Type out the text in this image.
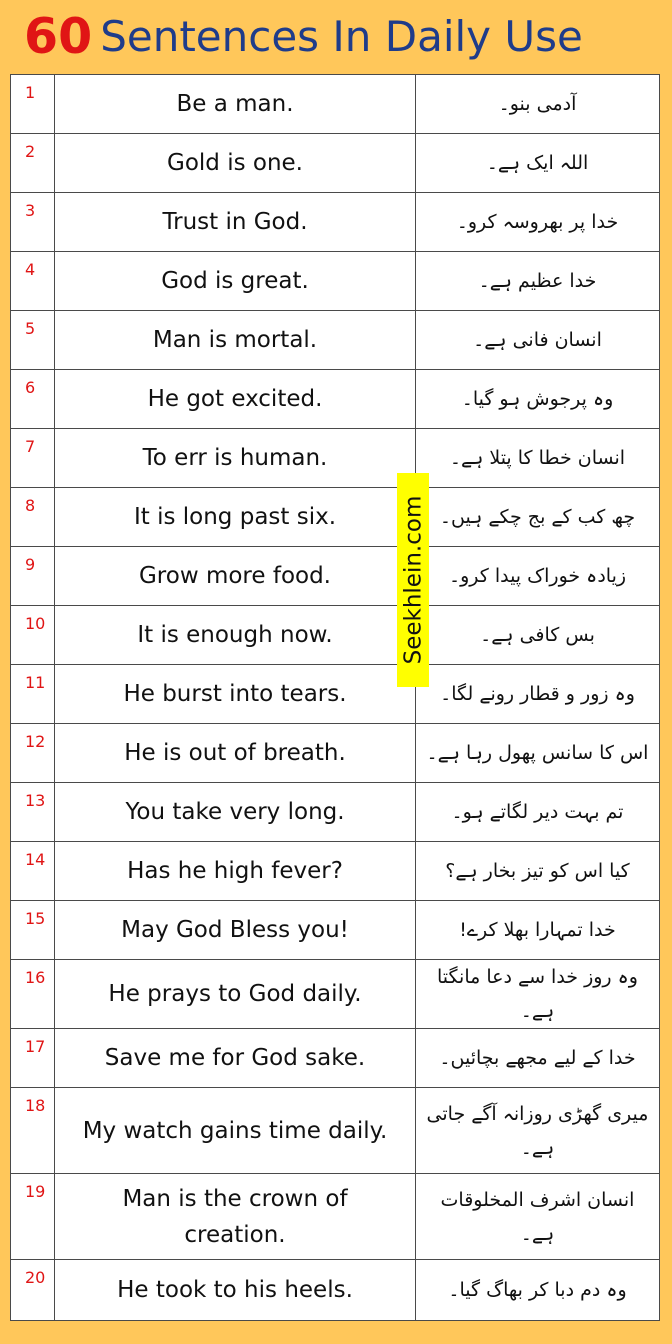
60 Sentences In Daily Use
1	Be a man.	آدمی بنو۔
2	Gold is one.	اللہ ایک ہے۔
3	Trust in God.	خدا پر بھروسہ کرو۔
4	God is great.	خدا عظیم ہے۔
5	Man is mortal.	انسان فانی ہے۔
6	He got excited.	وہ پرجوش ہو گیا۔
7	To err is human.	انسان خطا کا پتلا ہے۔
8	It is long past six.	چھ کب کے بج چکے ہیں۔
9	Grow more food.	زیادہ خوراک پیدا کرو۔
10	It is enough now.	بس کافی ہے۔
11	He burst into tears.	وہ زور و قطار رونے لگا۔
12	He is out of breath.	اس کا سانس پھول رہا ہے۔
13	You take very long.	تم بہت دیر لگاتے ہو۔
14	Has he high fever?	کیا اس کو تیز بخار ہے؟
15	May God Bless you!	خدا تمہارا بھلا کرے!
16	He prays to God daily.	وہ روز خدا سے دعا مانگتا ہے۔
17	Save me for God sake.	خدا کے لیے مجھے بچائیں۔
18	My watch gains time daily.	میری گھڑی روزانہ آگے جاتی ہے۔
19	Man is the crown of creation.	انسان اشرف المخلوقات ہے۔
20	He took to his heels.	وہ دم دبا کر بھاگ گیا۔
Seekhlein.com
